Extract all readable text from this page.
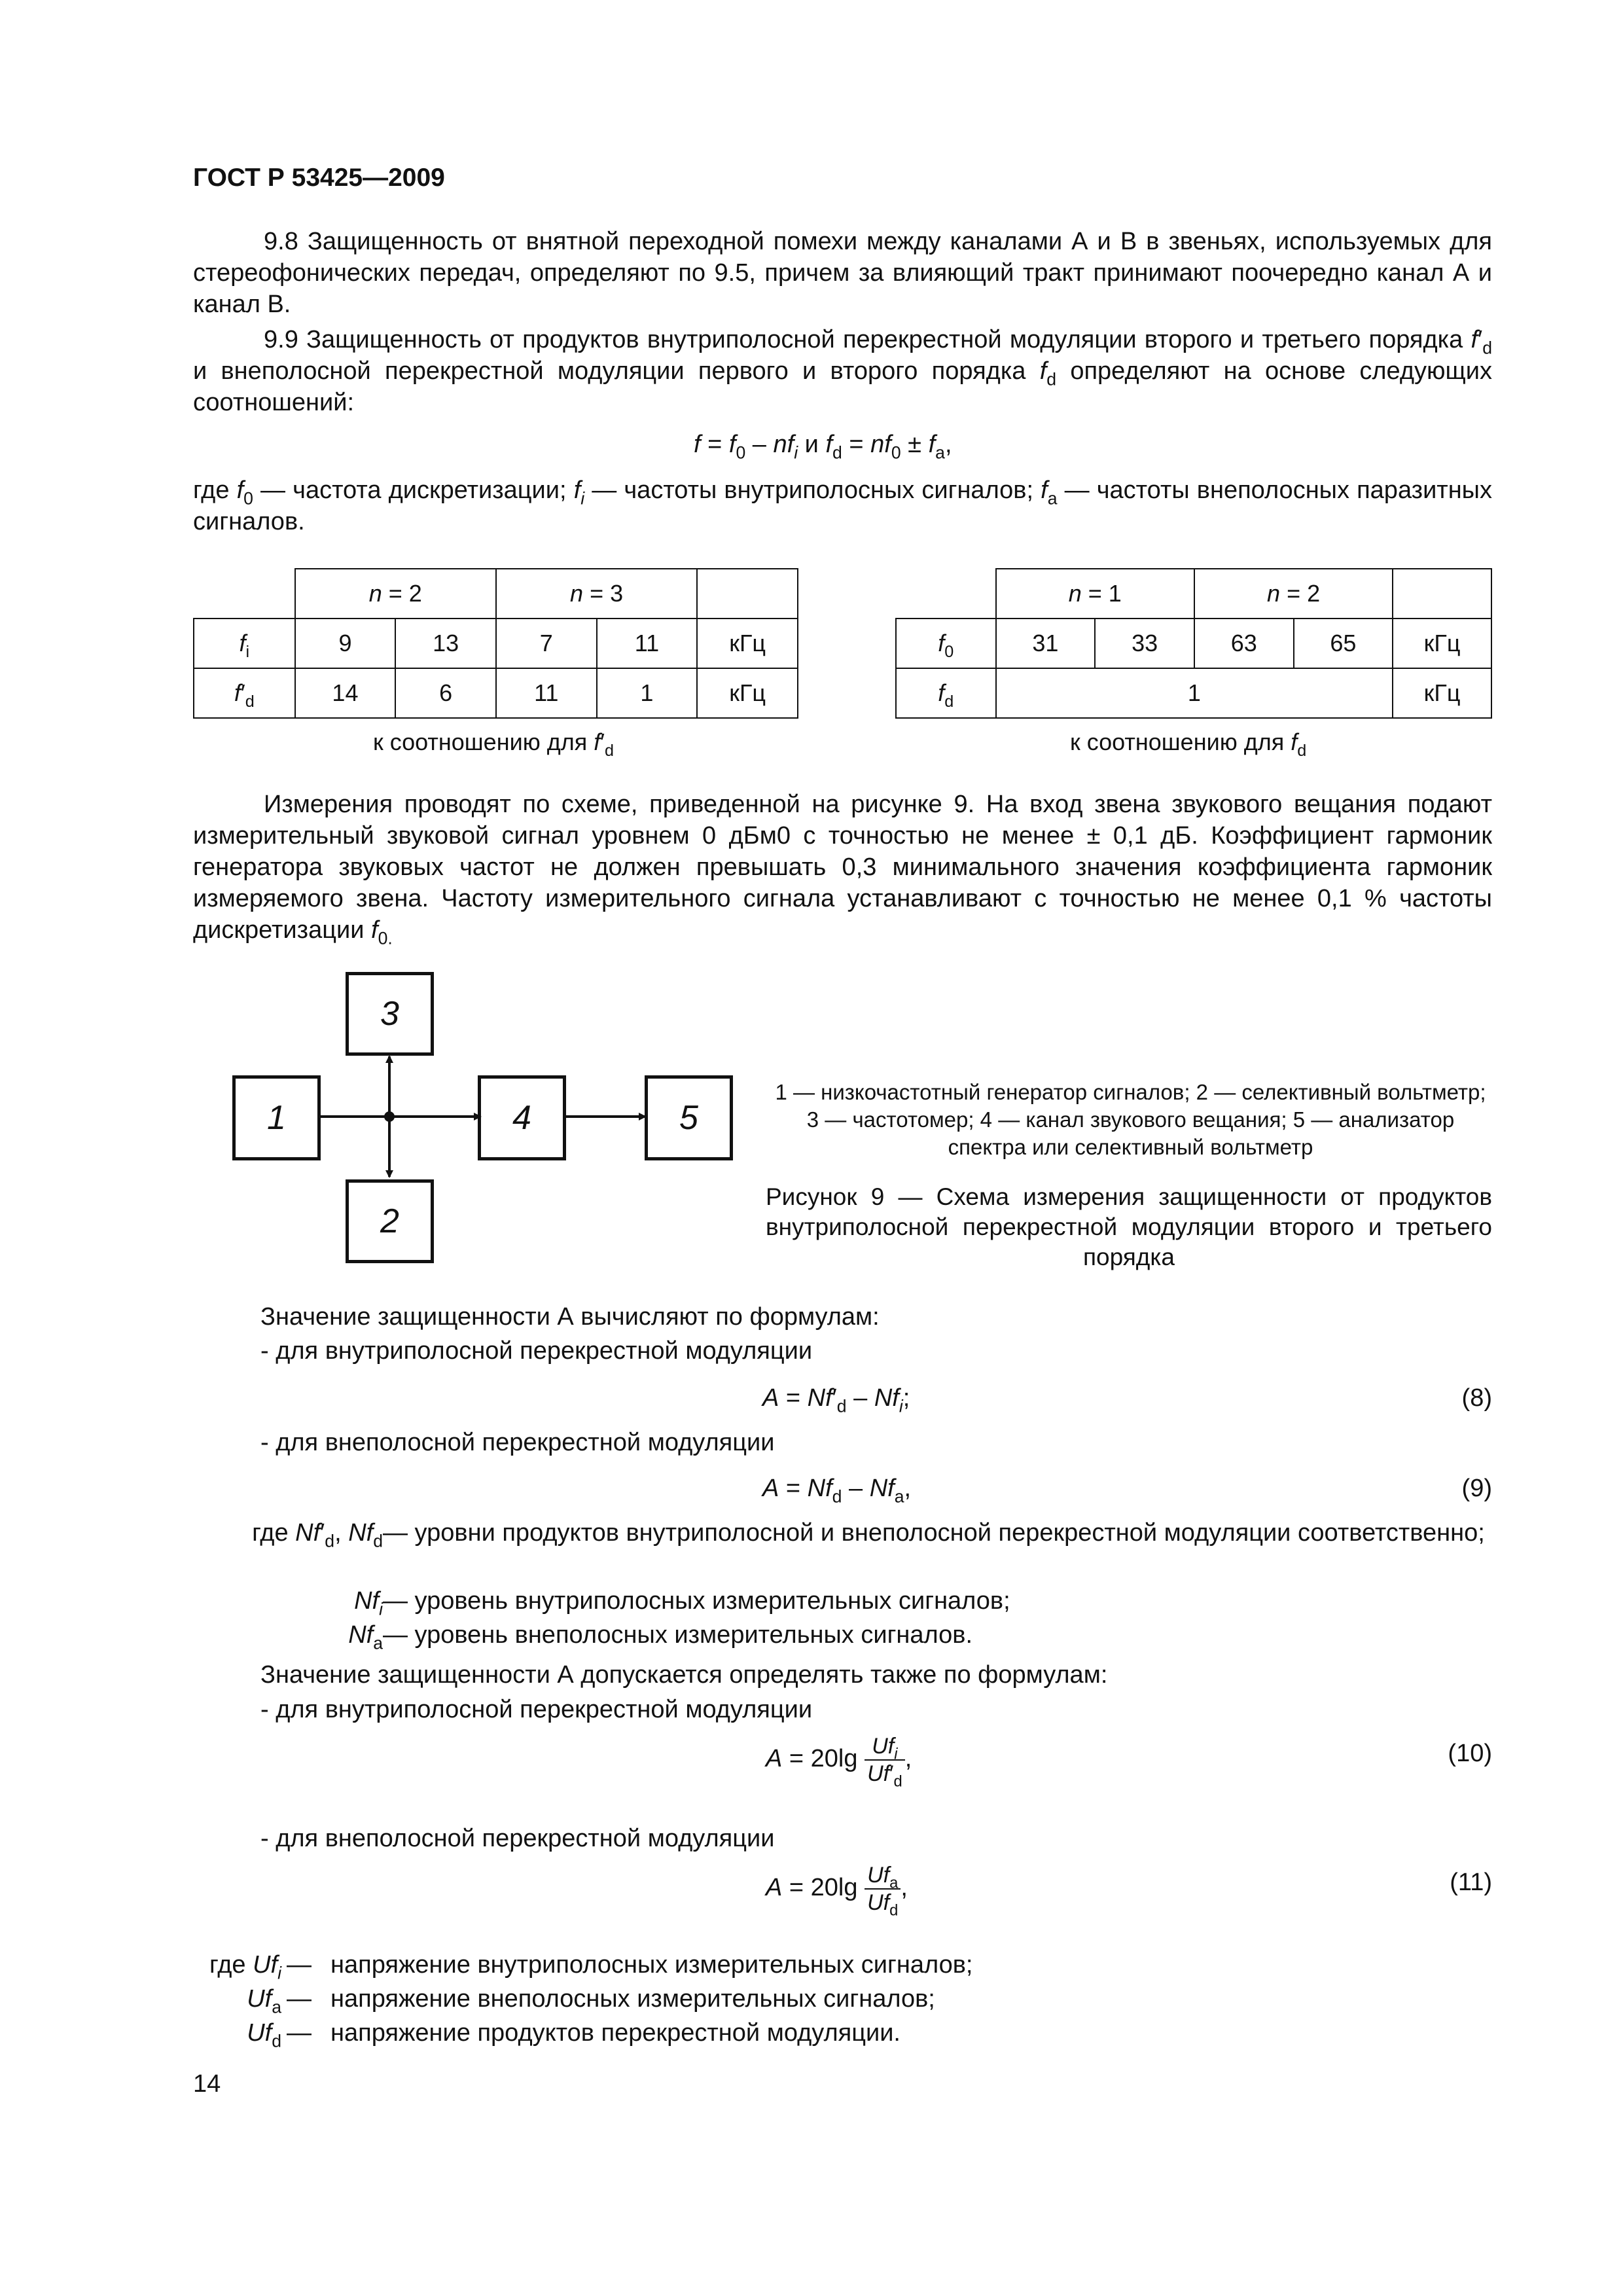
ГОСТ Р 53425—2009
9.8 Защищенность от внятной переходной помехи между каналами А и В в звеньях, используемых для стереофонических передач, определяют по 9.5, причем за влияющий тракт принимают поочередно канал А и канал В.
9.9 Защищенность от продуктов внутриполосной перекрестной модуляции второго и третьего порядка $f'_d$ и внеполосной перекрестной модуляции первого и второго порядка $f_d$ определяют на основе следующих соотношений:
$f = f_0 - nf_i$ и $f_d = nf_0 \pm f_a$,
где $f_0$ — частота дискретизации; $f_i$ — частоты внутриполосных сигналов; $f_a$ — частоты внеполосных паразитных сигналов.
	n = 2		n = 3		
$f_i$	9	13	7	11	кГц
$f'_d$	14	6	11	1	кГц
к соотношению для $f'_d$
	n = 1		n = 2		
$f_0$	31	33	63	65	кГц
$f_d$	1				кГц
к соотношению для $f_d$
Измерения проводят по схеме, приведенной на рисунке 9. На вход звена звукового вещания подают измерительный звуковой сигнал уровнем 0 дБм0 с точностью не менее ± 0,1 дБ. Коэффициент гармоник генератора звуковых частот не должен превышать 0,3 минимального значения коэффициента гармоник измеряемого звена. Частоту измерительного сигнала устанавливают с точностью не менее 0,1 % частоты дискретизации $f_{0.}$
1
3
2
4	5
1 — низкочастотный генератор сигналов; 2 — селективный вольтметр;
3 — частотомер; 4 — канал звукового вещания; 5 — анализатор спектра или селективный вольтметр
Рисунок 9 — Схема измерения защищенности от продуктов внутриполосной перекрестной модуляции второго и третьего порядка
Значение защищенности А вычисляют по формулам:
- для внутриполосной перекрестной модуляции
$A = Nf'_d - Nf_i$;	(8)
- для внеполосной перекрестной модуляции
$A = Nf_d - Nf_a$,	(9)
где $Nf'_d$, $Nf_d$ — уровни продуктов внутриполосной и внеполосной перекрестной модуляции соответственно;
$Nf_i$ — уровень внутриполосных измерительных сигналов;
$Nf_a$ — уровень внеполосных измерительных сигналов.
Значение защищенности А допускается определять также по формулам:
- для внутриполосной перекрестной модуляции
$A = 20\lg \frac{Uf_i}{Uf'_d}$ ,	(10)
- для внеполосной перекрестной модуляции
$A = 20\lg \frac{Uf_a}{Uf_d}$ ,	(11)
где $Uf_i$ — напряжение внутриполосных измерительных сигналов;
$Uf_a$ — напряжение внеполосных измерительных сигналов;
$Uf_d$ — напряжение продуктов перекрестной модуляции.
14
